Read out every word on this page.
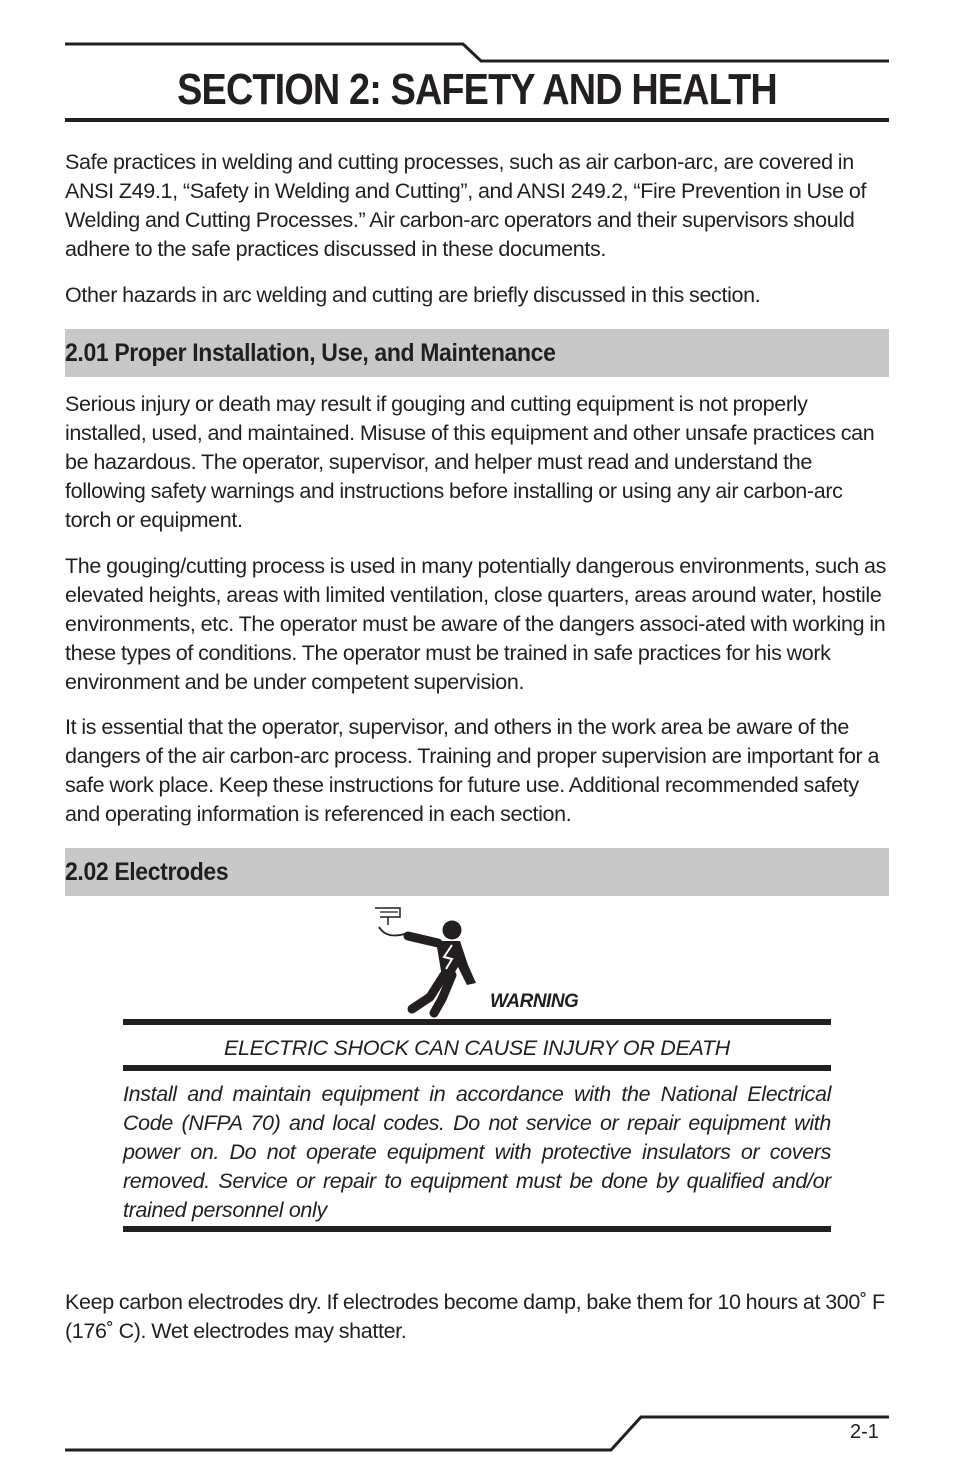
SECTION 2: SAFETY AND HEALTH

Safe practices in welding and cutting processes, such as air carbon-arc, are covered in ANSI Z49.1, “Safety in Welding and Cutting”, and ANSI 249.2, “Fire Prevention in Use of Welding and Cutting Processes.” Air carbon-arc operators and their supervisors should adhere to the safe practices discussed in these documents.

Other hazards in arc welding and cutting are briefly discussed in this section.

2.01 Proper Installation, Use, and Maintenance

Serious injury or death may result if gouging and cutting equipment is not properly installed, used, and maintained. Misuse of this equipment and other unsafe practices can be hazardous. The operator, supervisor, and helper must read and understand the following safety warnings and instructions before installing or using any air carbon-arc torch or equipment.

The gouging/cutting process is used in many potentially dangerous environments, such as elevated heights, areas with limited ventilation, close quarters, areas around water, hostile environments, etc. The operator must be aware of the dangers associ-ated with working in these types of conditions. The operator must be trained in safe practices for his work environment and be under competent supervision.

It is essential that the operator, supervisor, and others in the work area be aware of the dangers of the air carbon-arc process. Training and proper supervision are important for a safe work place. Keep these instructions for future use. Additional recommended safety and operating information is referenced in each section.

2.02 Electrodes
WARNING
ELECTRIC SHOCK CAN CAUSE INJURY OR DEATH

Install and maintain equipment in accordance with the National Electrical Code (NFPA 70) and local codes. Do not service or repair equipment with power on. Do not operate equipment with protective insulators or covers removed. Service or repair to equipment must be done by qualified and/or trained personnel only

Keep carbon electrodes dry. If electrodes become damp, bake them for 10 hours at 300˚ F (176˚ C). Wet electrodes may shatter.

2-1
